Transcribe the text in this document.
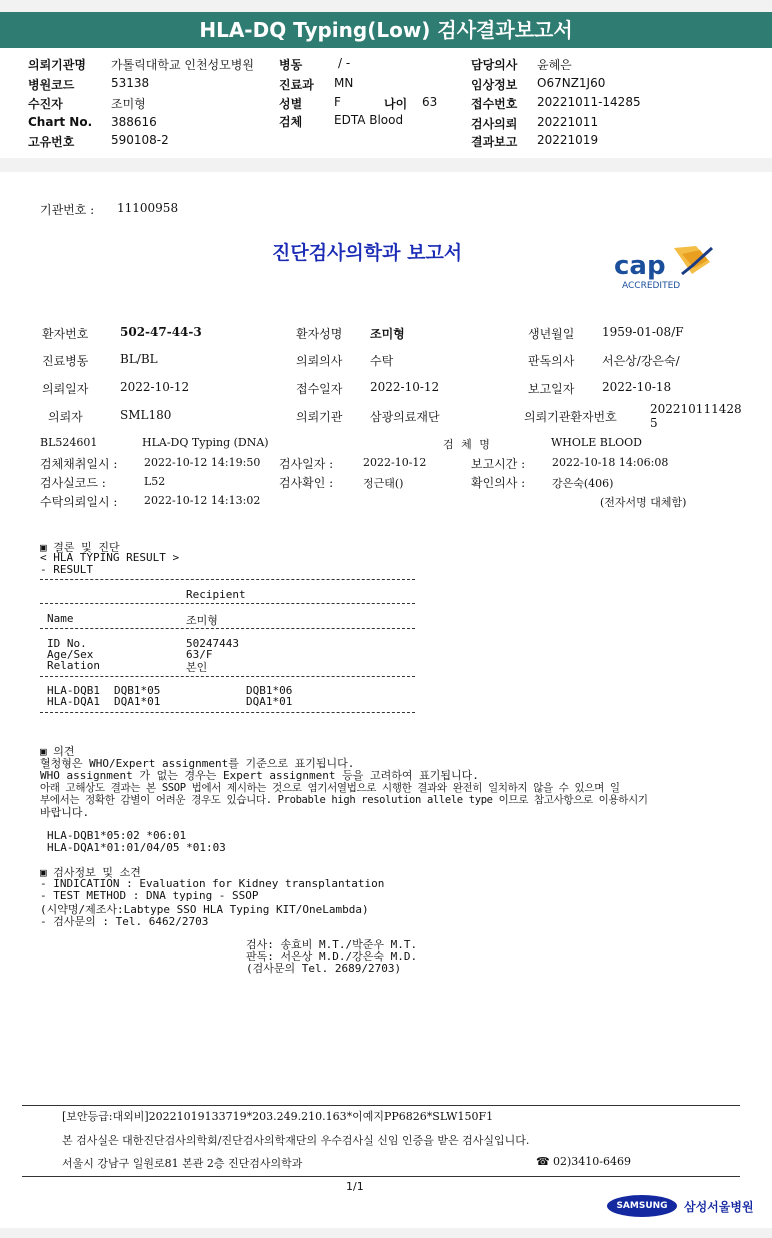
HLA-DQ Typing(Low) 검사결과보고서
의뢰기관명 가톨릭대학교 인천성모병원
병원코드	53138
수진자	조미형
Chart No. 388616
고유번호	590108-2
병동	/ -
진료과 MN
성별	F	나이 63
검체	EDTA Blood
담당의사 윤혜은
임상정보 O67NZ1J60
접수번호 20221011-14285
검사의뢰 20221011
결과보고 20221019
기관번호 : 11100958
진단검사의학과 보고서	cap
ACCREDITED
환자번호	502-47-44-3	환자성명 조미형	생년월일 1959-01-08/F
진료병동	BL/BL	의뢰의사 수탁	판독의사 서은상/강은숙/
의뢰일자	2022-10-12	접수일자 2022-10-12	보고일자 2022-10-18
의뢰자	SML180	의뢰기관 삼광의료재단	의뢰기관환자번호
202210111428
5
BL524601	HLA-DQ Typing (DNA)	검 체 명	WHOLE BLOOD
검체채취일시 : 2022-10-12 14:19:50 검사일자 :	2022-10-12	보고시간 : 2022-10-18 14:06:08
검사실코드 :	L52	검사확인 :	정근태()	확인의사 : 강은숙(406)
수탁의뢰일시 : 2022-10-12 14:13:02	(전자서명 대체함)
▣ 결론 및 진단
< HLA TYPING RESULT >
- RESULT
Recipient
Name	조미형
ID No.	50247443
Age/Sex	63/F
Relation	본인
HLA-DQB1 DQB1*05	DQB1*06
HLA-DQA1 DQA1*01	DQA1*01
▣ 의견
혈청형은 WHO/Expert assignment를 기준으로 표기됩니다.
WHO assignment 가 없는 경우는 Expert assignment 등을 고려하여 표기됩니다.
아래 고해상도 결과는 본 SSOP 법에서 제시하는 것으로 염기서열법으로 시행한 결과와 완전히 일치하지 않을 수 있으며 일
부에서는 정확한 감별이 어려운 경우도 있습니다. Probable high resolution allele type 이므로 참고사항으로 이용하시기
바랍니다.
HLA-DQB1*05:02 *06:01
HLA-DQA1*01:01/04/05 *01:03
▣ 검사정보 및 소견
- INDICATION : Evaluation for Kidney transplantation
- TEST METHOD : DNA typing - SSOP
(시약명/제조사:Labtype SSO HLA Typing KIT/OneLambda)
- 검사문의 : Tel. 6462/2703
검사: 송효비 M.T./박준우 M.T.
판독: 서은상 M.D./강은숙 M.D.
(검사문의 Tel. 2689/2703)
[보안등급:대외비]20221019133719*203.249.210.163*이예지PP6826*SLW150F1
본 검사실은 대한진단검사의학회/진단검사의학재단의 우수검사실 신임 인증을 받은 검사실입니다.
서울시 강남구 일원로81 본관 2층 진단검사의학과	☎ 02)3410-6469
1/1
SAMSUNG	삼성서울병원
